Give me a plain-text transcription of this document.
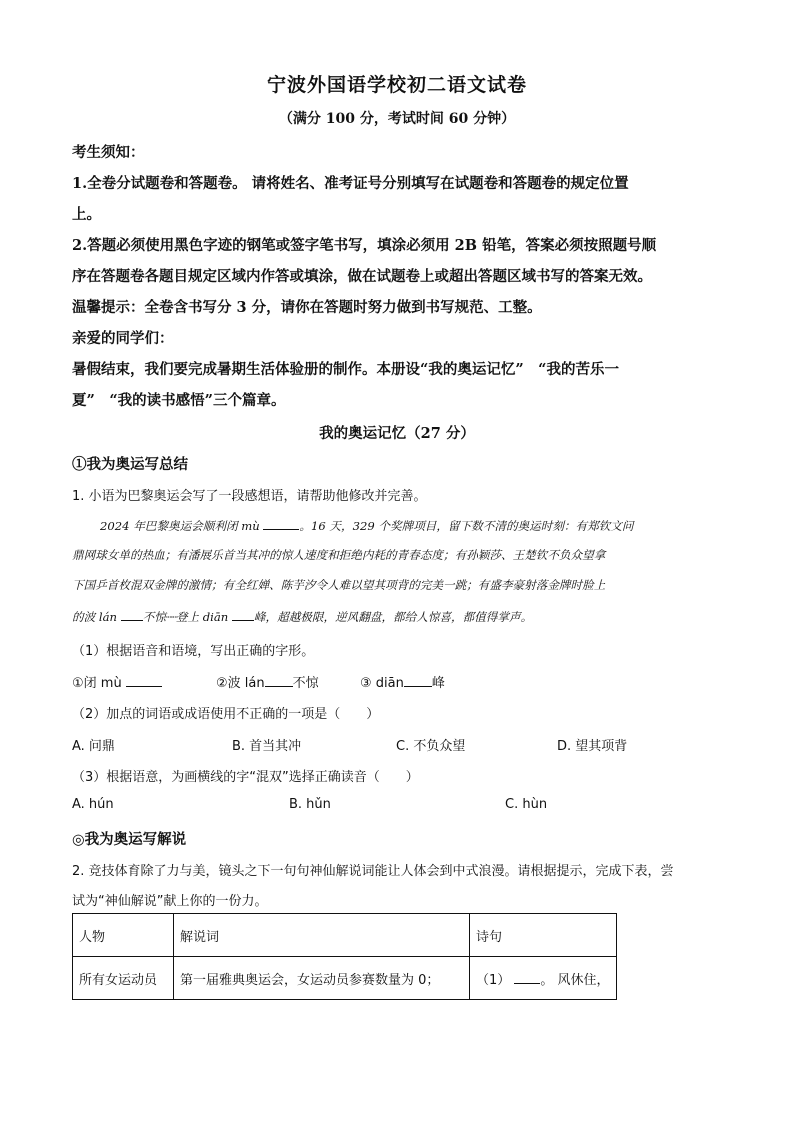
宁波外国语学校初二语文试卷
（满分 100 分，考试时间 60 分钟）
考生须知：
1.全卷分试题卷和答题卷。 请将姓名、准考证号分别填写在试题卷和答题卷的规定位置
上。
2.答题必须使用黑色字迹的钢笔或签字笔书写，填涂必须用 2B 铅笔，答案必须按照题号顺
序在答题卷各题目规定区域内作答或填涂，做在试题卷上或超出答题区域书写的答案无效。
温馨提示：全卷含书写分 3 分，请你在答题时努力做到书写规范、工整。
亲爱的同学们：
暑假结束，我们要完成暑期生活体验册的制作。本册设“我的奥运记忆”　“我的苦乐一
夏”　“我的读书感悟”三个篇章。
我的奥运记忆（27 分）
①我为奥运写总结
1. 小语为巴黎奥运会写了一段感想语，请帮助他修改并完善。
2024 年巴黎奥运会顺利闭 mù	。16 天，329 个奖牌项目，留下数不清的奥运时刻：有郑钦文问
鼎网球女单的热血；有潘展乐首当其冲的惊人速度和拒绝内耗的青春态度；有孙颖莎、王楚钦不负众望拿
下国乒首枚混双金牌的激情；有全红婵、陈芋汐令人难以望其项背的完美一跳；有盛李豪射落金牌时脸上
的波 lán 不惊┈┈登上 diān 峰，超越极限，逆风翻盘，都给人惊喜，都值得掌声。
（1）根据语音和语境，写出正确的字形。
①闭 mù	②波 lán 不惊	③ diān 峰
（2）加点的词语或成语使用不正确的一项是（　　）
A. 问鼎	B. 首当其冲	C. 不负众望	D. 望其项背
（3）根据语意，为画横线的字“混双”选择正确读音（　　）
A. hún	B. hǔn	C. hùn
◎我为奥运写解说
2. 竞技体育除了力与美，镜头之下一句句神仙解说词能让人体会到中式浪漫。请根据提示，完成下表，尝
试为“神仙解说”献上你的一份力。
人物	解说词	诗句
所有女运动员	第一届雅典奥运会，女运动员参赛数量为 0；	（1） 。 风休住，
